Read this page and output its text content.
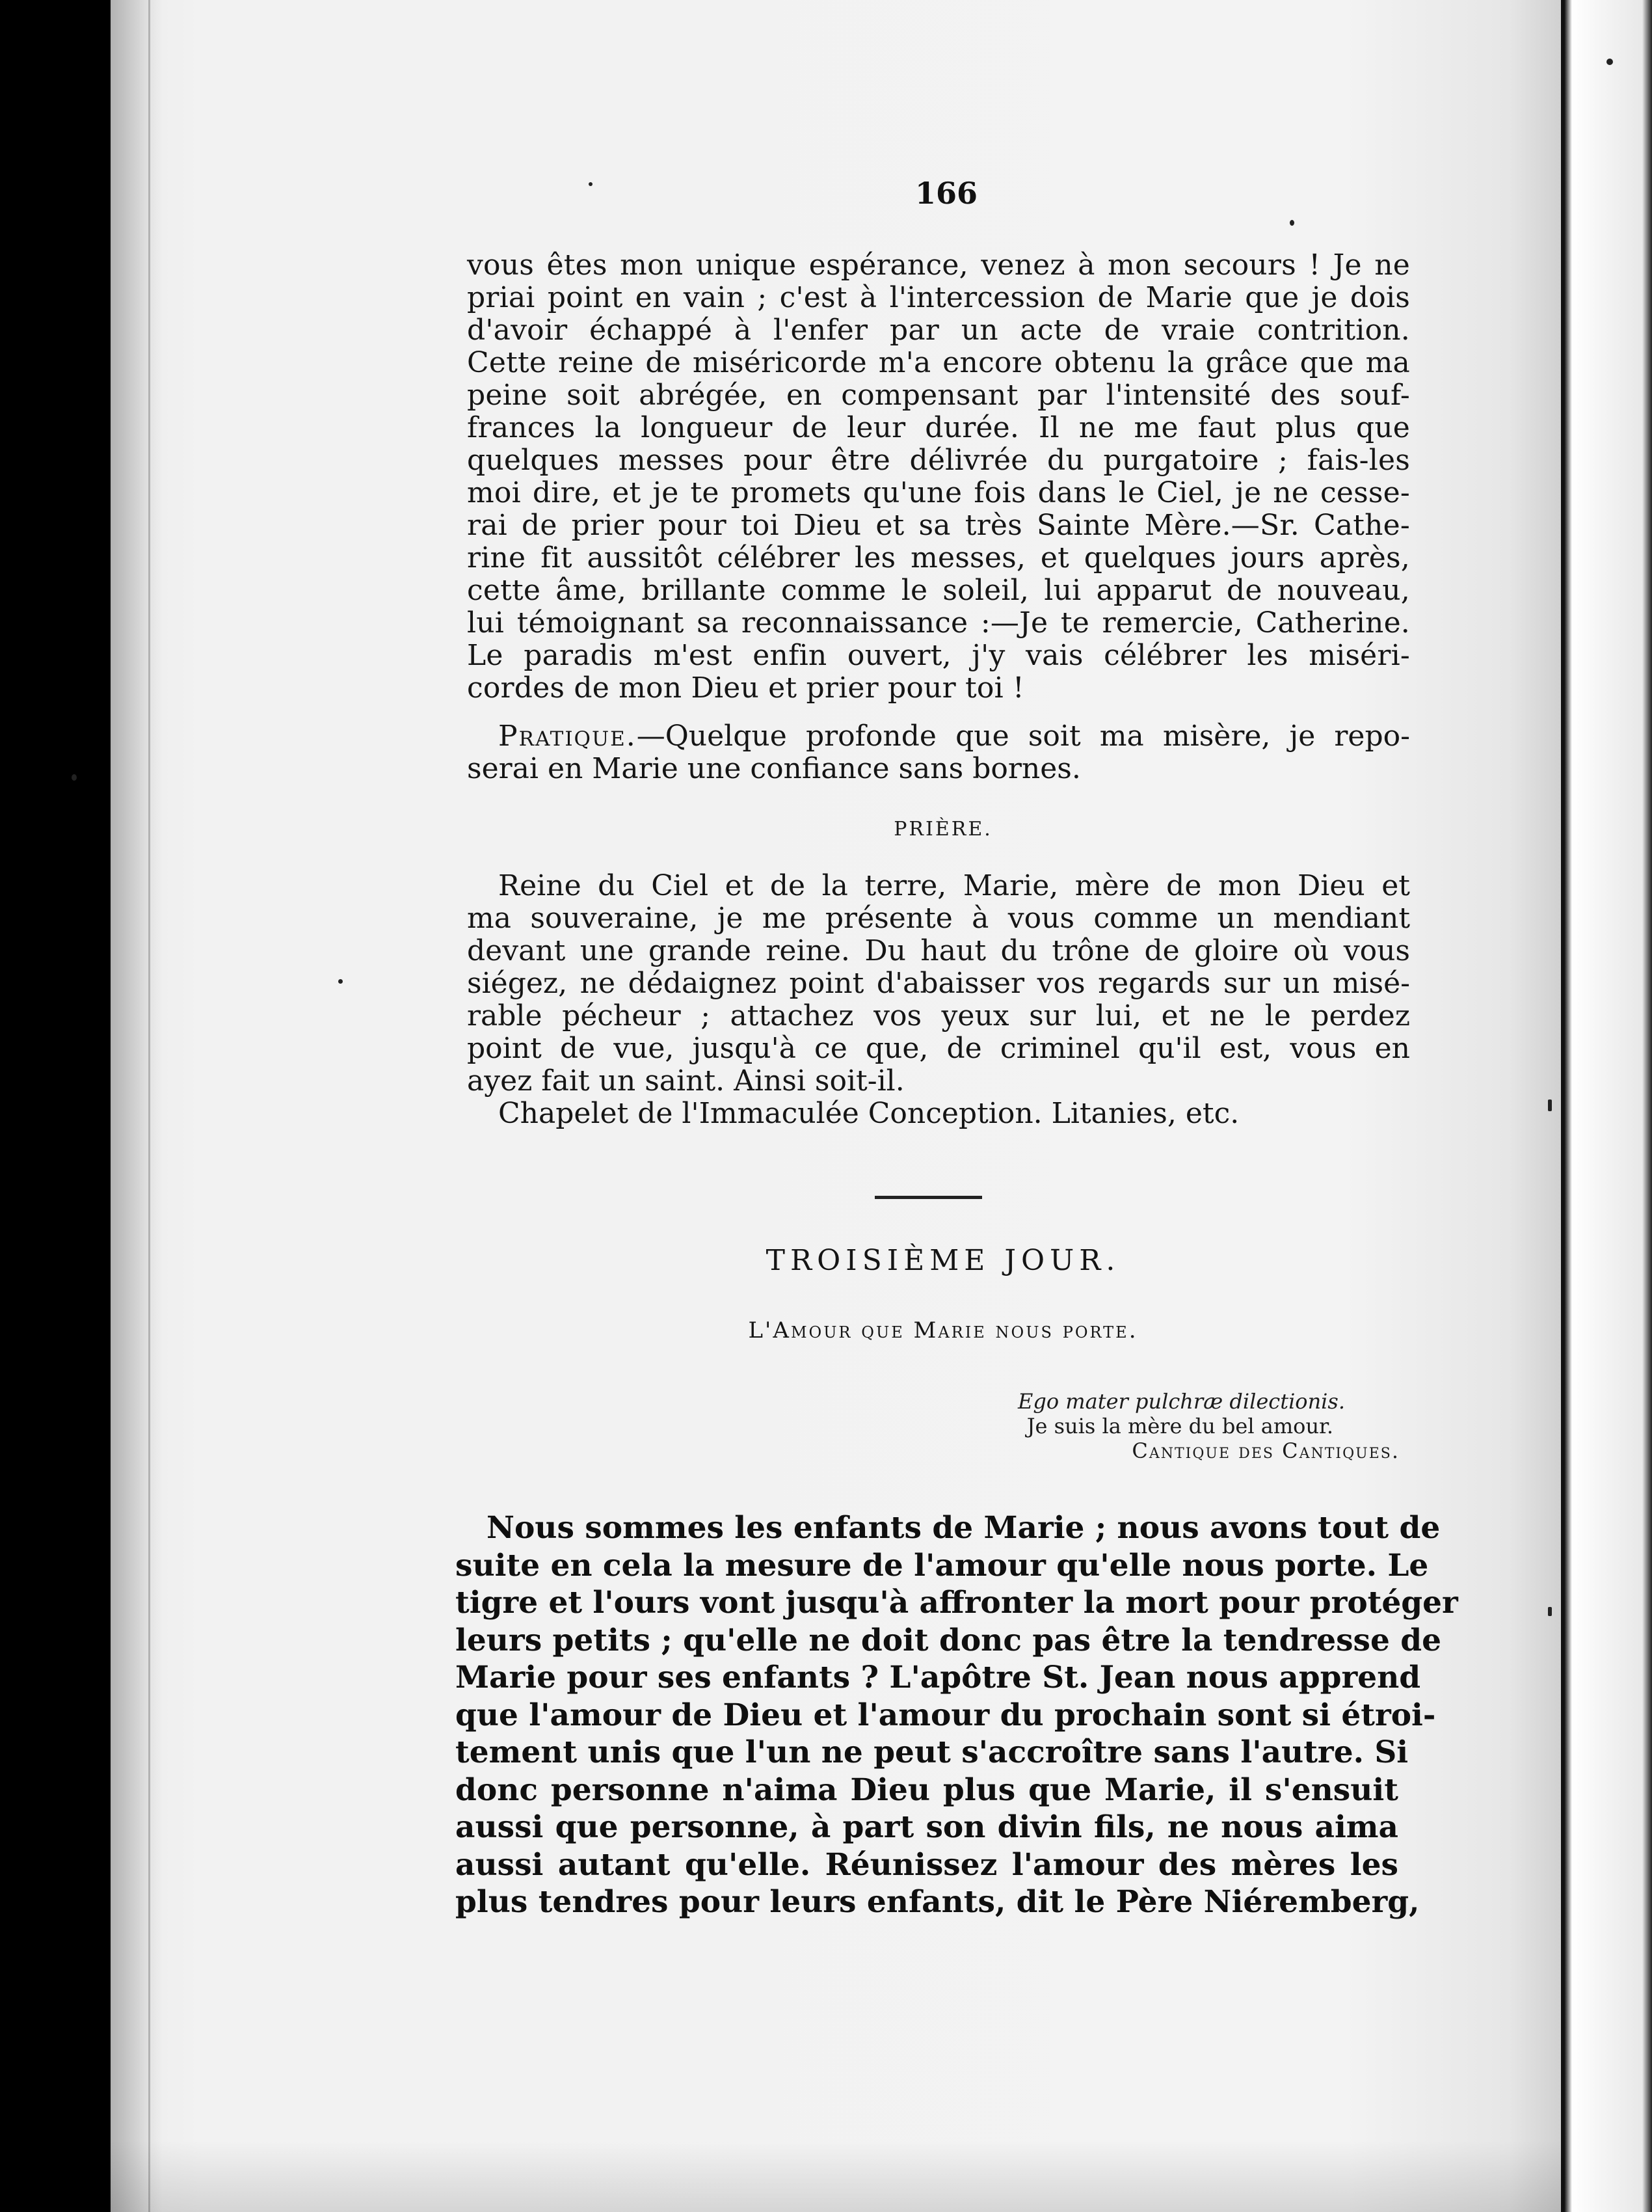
166
vous êtes mon unique espérance, venez à mon secours ! Je ne
priai point en vain ; c'est à l'intercession de Marie que je dois
d'avoir échappé à l'enfer par un acte de vraie contrition.
Cette reine de miséricorde m'a encore obtenu la grâce que ma
peine soit abrégée, en compensant par l'intensité des souf-
frances la longueur de leur durée. Il ne me faut plus que
quelques messes pour être délivrée du purgatoire ; fais-les
moi dire, et je te promets qu'une fois dans le Ciel, je ne cesse-
rai de prier pour toi Dieu et sa très Sainte Mère.—Sr. Cathe-
rine fit aussitôt célébrer les messes, et quelques jours après,
cette âme, brillante comme le soleil, lui apparut de nouveau,
lui témoignant sa reconnaissance :—Je te remercie, Catherine.
Le paradis m'est enfin ouvert, j'y vais célébrer les miséri-
cordes de mon Dieu et prier pour toi !
Pratique.—Quelque profonde que soit ma misère, je repo-
serai en Marie une confiance sans bornes.
PRIÈRE.
Reine du Ciel et de la terre, Marie, mère de mon Dieu et
ma souveraine, je me présente à vous comme un mendiant
devant une grande reine. Du haut du trône de gloire où vous
siégez, ne dédaignez point d'abaisser vos regards sur un misé-
rable pécheur ; attachez vos yeux sur lui, et ne le perdez
point de vue, jusqu'à ce que, de criminel qu'il est, vous en
ayez fait un saint. Ainsi soit-il.
Chapelet de l'Immaculée Conception. Litanies, etc.
TROISIÈME JOUR.
L'Amour que Marie nous porte.
Ego mater pulchræ dilectionis.
Je suis la mère du bel amour.
Cantique des Cantiques.
Nous sommes les enfants de Marie ; nous avons tout de
suite en cela la mesure de l'amour qu'elle nous porte. Le
tigre et l'ours vont jusqu'à affronter la mort pour protéger
leurs petits ; qu'elle ne doit donc pas être la tendresse de
Marie pour ses enfants ? L'apôtre St. Jean nous apprend
que l'amour de Dieu et l'amour du prochain sont si étroi-
tement unis que l'un ne peut s'accroître sans l'autre. Si
donc personne n'aima Dieu plus que Marie, il s'ensuit
aussi que personne, à part son divin fils, ne nous aima
aussi autant qu'elle. Réunissez l'amour des mères les
plus tendres pour leurs enfants, dit le Père Niéremberg,
